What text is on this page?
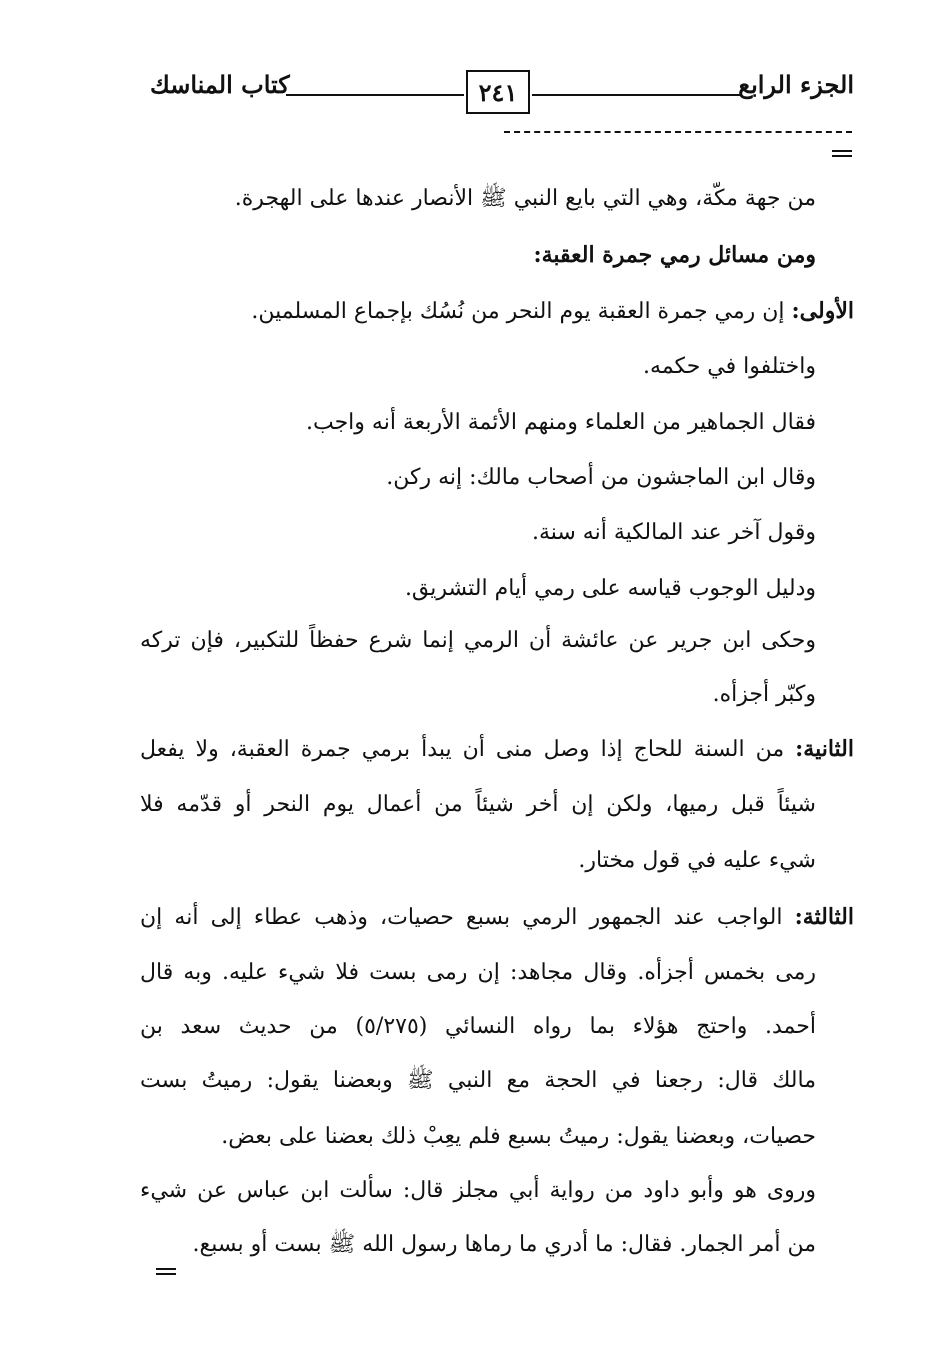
الجزء الرابع
٢٤١
كتاب المناسك
من جهة مكّة، وهي التي بايع النبي ﷺ الأنصار عندها على الهجرة.
ومن مسائل رمي جمرة العقبة:
الأولى: إن رمي جمرة العقبة يوم النحر من نُسُك بإجماع المسلمين.
واختلفوا في حكمه.
فقال الجماهير من العلماء ومنهم الأئمة الأربعة أنه واجب.
وقال ابن الماجشون من أصحاب مالك: إنه ركن.
وقول آخر عند المالكية أنه سنة.
ودليل الوجوب قياسه على رمي أيام التشريق.
وحكى ابن جرير عن عائشة أن الرمي إنما شرع حفظاً للتكبير، فإن تركه
وكبّر أجزأه.
الثانية: من السنة للحاج إذا وصل منى أن يبدأ برمي جمرة العقبة، ولا يفعل
شيئاً قبل رميها، ولكن إن أخر شيئاً من أعمال يوم النحر أو قدّمه فلا
شيء عليه في قول مختار.
الثالثة: الواجب عند الجمهور الرمي بسبع حصيات، وذهب عطاء إلى أنه إن
رمى بخمس أجزأه. وقال مجاهد: إن رمى بست فلا شيء عليه. وبه قال
أحمد. واحتج هؤلاء بما رواه النسائي (٥/٢٧٥) من حديث سعد بن
مالك قال: رجعنا في الحجة مع النبي ﷺ وبعضنا يقول: رميتُ بست
حصيات، وبعضنا يقول: رميتُ بسبع فلم يعِبْ ذلك بعضنا على بعض.
وروى هو وأبو داود من رواية أبي مجلز قال: سألت ابن عباس عن شيء
من أمر الجمار. فقال: ما أدري ما رماها رسول الله ﷺ بست أو بسبع.
